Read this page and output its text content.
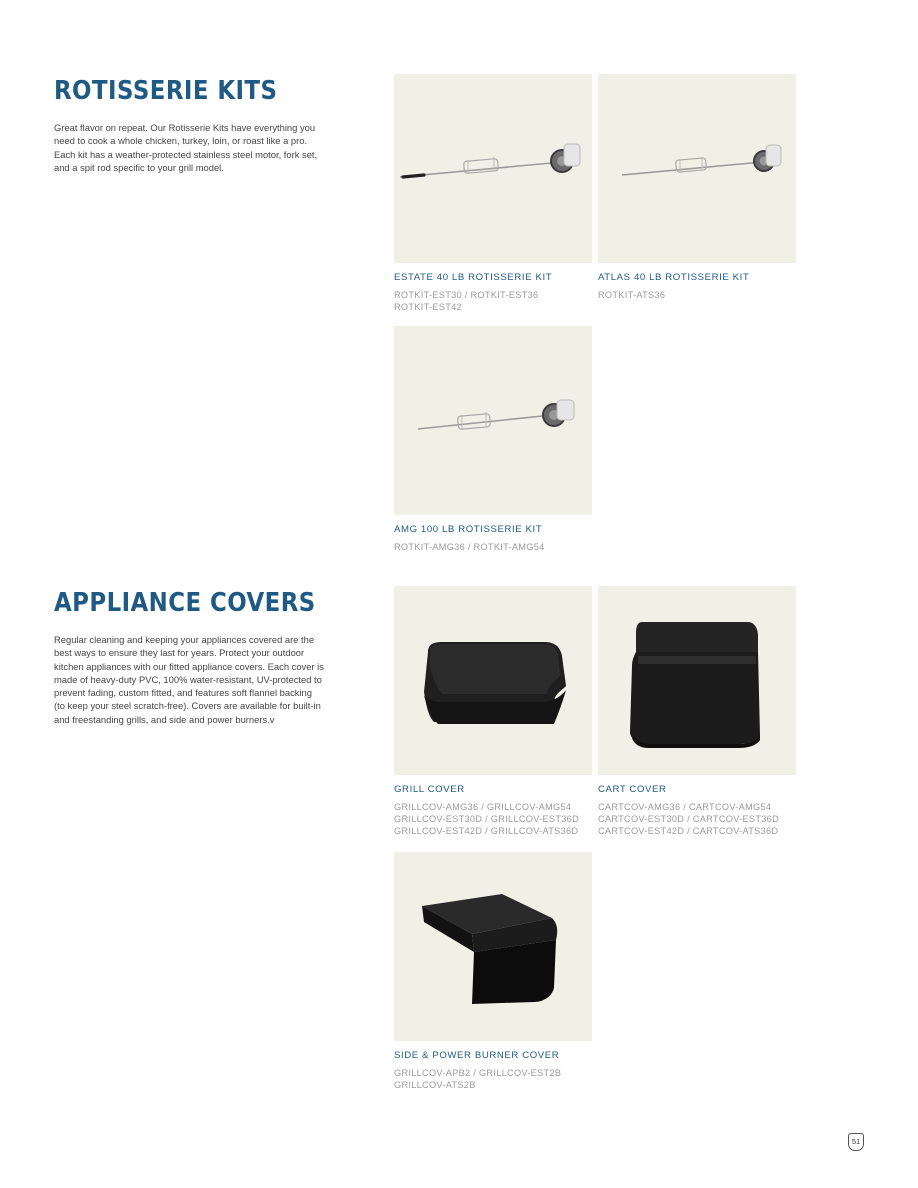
ROTISSERIE KITS

Great flavor on repeat. Our Rotisserie Kits have everything you need to cook a whole chicken, turkey, loin, or roast like a pro. Each kit has a weather-protected stainless steel motor, fork set, and a spit rod specific to your grill model.

ESTATE 40 LB ROTISSERIE KIT
ROTKIT-EST30 / ROTKIT-EST36
ROTKIT-EST42
ATLAS 40 LB ROTISSERIE KIT
ROTKIT-ATS36
AMG 100 LB ROTISSERIE KIT
ROTKIT-AMG36 / ROTKIT-AMG54
APPLIANCE COVERS

Regular cleaning and keeping your appliances covered are the best ways to ensure they last for years. Protect your outdoor kitchen appliances with our fitted appliance covers. Each cover is made of heavy-duty PVC, 100% water-resistant, UV-protected to prevent fading, custom fitted, and features soft flannel backing (to keep your steel scratch-free). Covers are available for built-in and freestanding grills, and side and power burners.v

GRILL COVER
GRILLCOV-AMG36 / GRILLCOV-AMG54
GRILLCOV-EST30D / GRILLCOV-EST36D
GRILLCOV-EST42D / GRILLCOV-ATS36D
CART COVER
CARTCOV-AMG36 / CARTCOV-AMG54
CARTCOV-EST30D / CARTCOV-EST36D
CARTCOV-EST42D / CARTCOV-ATS36D
SIDE & POWER BURNER COVER
GRILLCOV-APB2 / GRILLCOV-EST2B
GRILLCOV-ATS2B
51
